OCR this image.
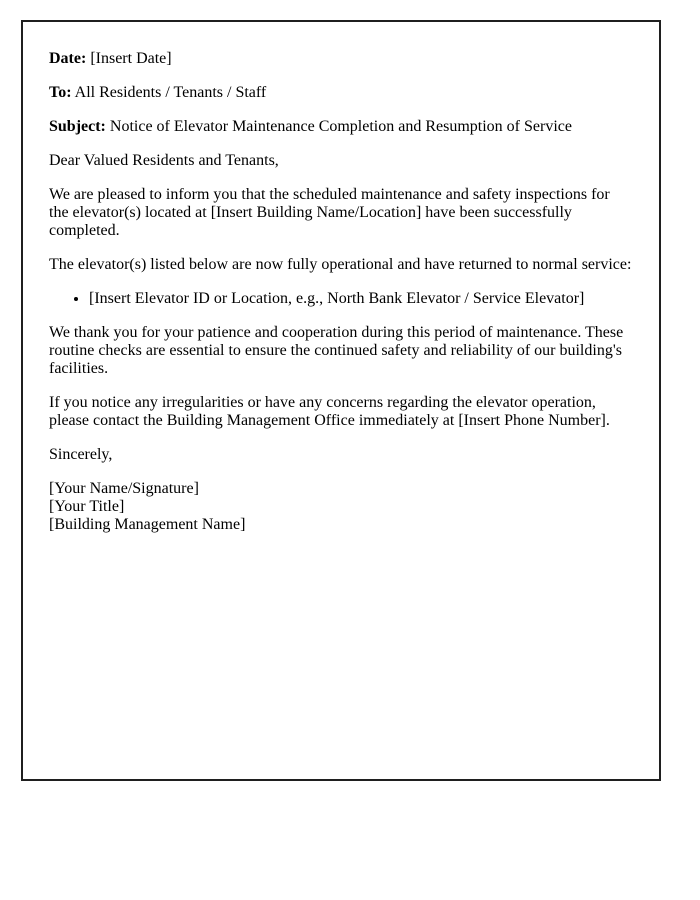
Date: [Insert Date]

To: All Residents / Tenants / Staff

Subject: Notice of Elevator Maintenance Completion and Resumption of Service

Dear Valued Residents and Tenants,

We are pleased to inform you that the scheduled maintenance and safety inspections for the elevator(s) located at [Insert Building Name/Location] have been successfully completed.

The elevator(s) listed below are now fully operational and have returned to normal service:

• [Insert Elevator ID or Location, e.g., North Bank Elevator / Service Elevator]

We thank you for your patience and cooperation during this period of maintenance. These routine checks are essential to ensure the continued safety and reliability of our building's facilities.

If you notice any irregularities or have any concerns regarding the elevator operation, please contact the Building Management Office immediately at [Insert Phone Number].

Sincerely,

[Your Name/Signature]
[Your Title]
[Building Management Name]
